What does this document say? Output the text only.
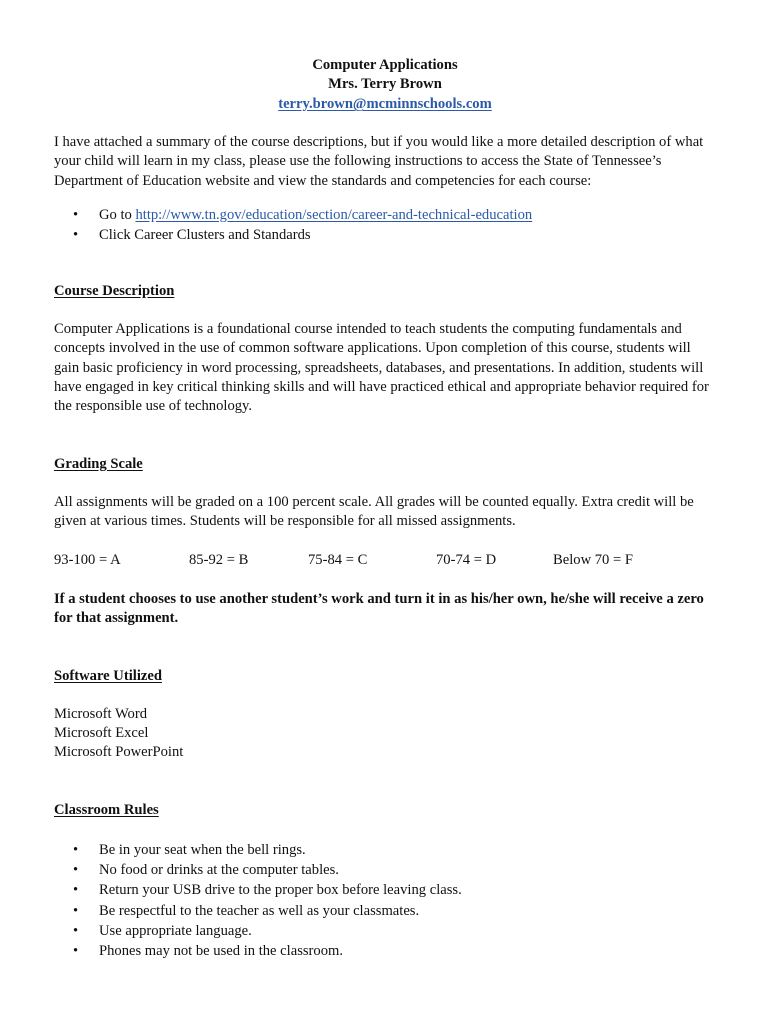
Computer Applications
Mrs. Terry Brown
terry.brown@mcminnschools.com
I have attached a summary of the course descriptions, but if you would like a more detailed description of what your child will learn in my class, please use the following instructions to access the State of Tennessee’s Department of Education website and view the standards and competencies for each course:
• Go to http://www.tn.gov/education/section/career-and-technical-education
• Click Career Clusters and Standards
Course Description
Computer Applications is a foundational course intended to teach students the computing fundamentals and concepts involved in the use of common software applications. Upon completion of this course, students will gain basic proficiency in word processing, spreadsheets, databases, and presentations. In addition, students will have engaged in key critical thinking skills and will have practiced ethical and appropriate behavior required for the responsible use of technology.
Grading Scale
All assignments will be graded on a 100 percent scale. All grades will be counted equally. Extra credit will be given at various times. Students will be responsible for all missed assignments.
93-100 = A	85-92 = B	75-84 = C	70-74 = D	Below 70 = F
If a student chooses to use another student’s work and turn it in as his/her own, he/she will receive a zero for that assignment.
Software Utilized
Microsoft Word
Microsoft Excel
Microsoft PowerPoint
Classroom Rules
• Be in your seat when the bell rings.
• No food or drinks at the computer tables.
• Return your USB drive to the proper box before leaving class.
• Be respectful to the teacher as well as your classmates.
• Use appropriate language.
• Phones may not be used in the classroom.
